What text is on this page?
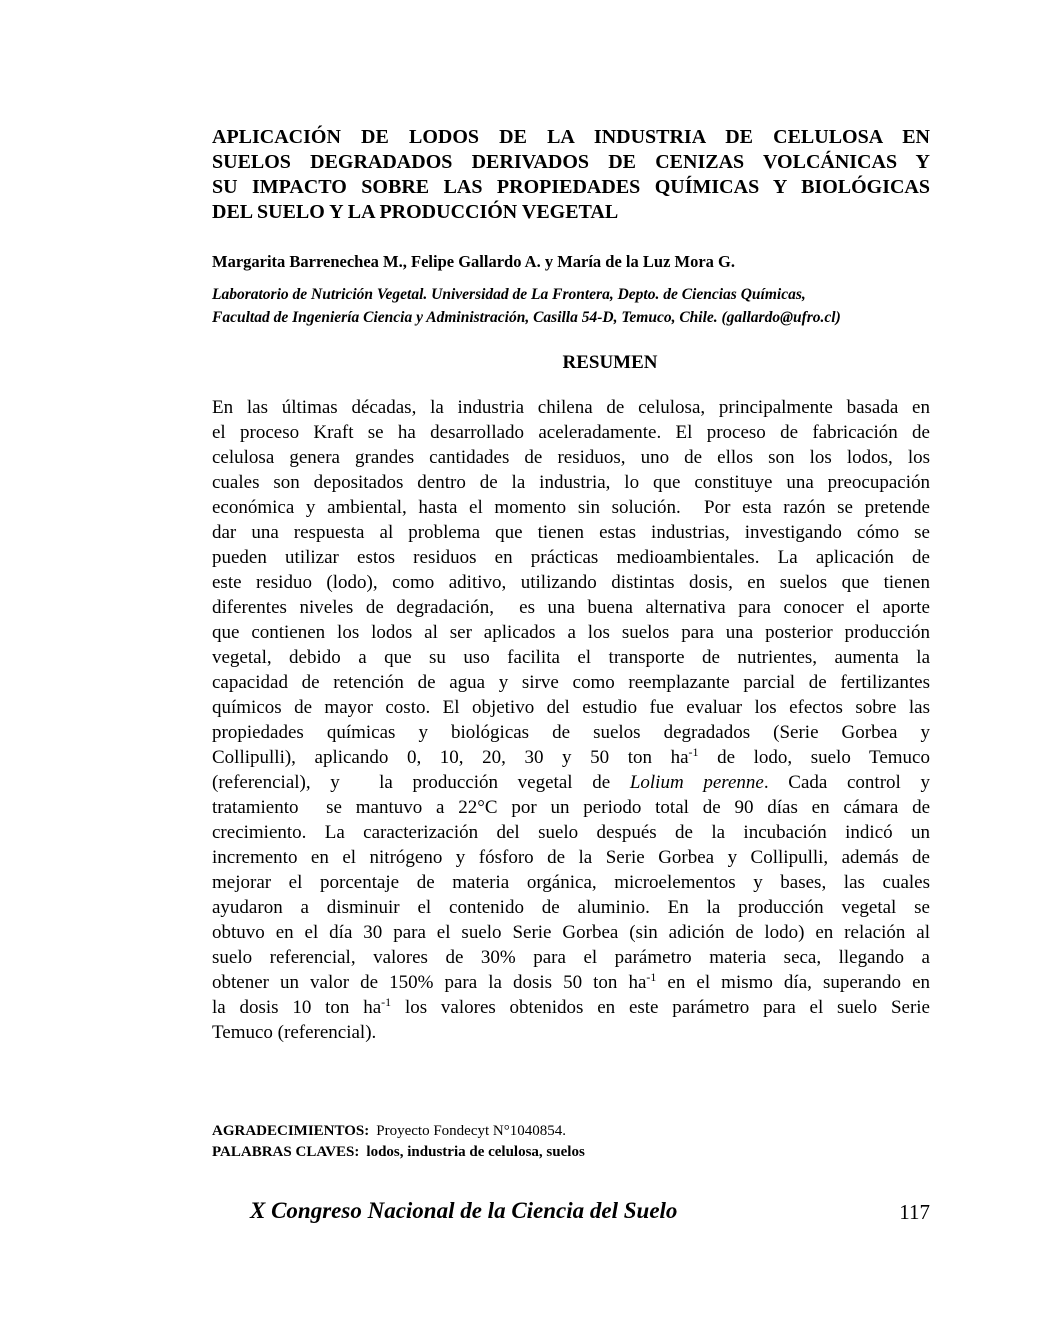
APLICACIÓN DE LODOS DE LA INDUSTRIA DE CELULOSA EN
SUELOS DEGRADADOS DERIVADOS DE CENIZAS VOLCÁNICAS Y
SU IMPACTO SOBRE LAS PROPIEDADES QUÍMICAS Y BIOLÓGICAS
DEL SUELO Y LA PRODUCCIÓN VEGETAL
Margarita Barrenechea M., Felipe Gallardo A. y María de la Luz Mora G.
Laboratorio de Nutrición Vegetal. Universidad de La Frontera, Depto. de Ciencias Químicas,
Facultad de Ingeniería Ciencia y Administración, Casilla 54-D, Temuco, Chile. (gallardo@ufro.cl)
RESUMEN
En las últimas décadas, la industria chilena de celulosa, principalmente basada en
el proceso Kraft se ha desarrollado aceleradamente. El proceso de fabricación de
celulosa genera grandes cantidades de residuos, uno de ellos son los lodos, los
cuales son depositados dentro de la industria, lo que constituye una preocupación
económica y ambiental, hasta el momento sin solución.  Por esta razón se pretende
dar una respuesta al problema que tienen estas industrias, investigando cómo se
pueden utilizar estos residuos en prácticas medioambientales. La aplicación de
este residuo (lodo), como aditivo, utilizando distintas dosis, en suelos que tienen
diferentes niveles de degradación,  es una buena alternativa para conocer el aporte
que contienen los lodos al ser aplicados a los suelos para una posterior producción
vegetal, debido a que su uso facilita el transporte de nutrientes, aumenta la
capacidad de retención de agua y sirve como reemplazante parcial de fertilizantes
químicos de mayor costo. El objetivo del estudio fue evaluar los efectos sobre las
propiedades químicas y biológicas de suelos degradados (Serie Gorbea y
Collipulli), aplicando 0, 10, 20, 30 y 50 ton ha-1 de lodo, suelo Temuco
(referencial), y  la producción vegetal de Lolium perenne. Cada control y
tratamiento  se mantuvo a 22°C por un periodo total de 90 días en cámara de
crecimiento. La caracterización del suelo después de la incubación indicó un
incremento en el nitrógeno y fósforo de la Serie Gorbea y Collipulli, además de
mejorar el porcentaje de materia orgánica, microelementos y bases, las cuales
ayudaron a disminuir el contenido de aluminio. En la producción vegetal se
obtuvo en el día 30 para el suelo Serie Gorbea (sin adición de lodo) en relación al
suelo referencial, valores de 30% para el parámetro materia seca, llegando a
obtener un valor de 150% para la dosis 50 ton ha-1 en el mismo día, superando en
la dosis 10 ton ha-1 los valores obtenidos en este parámetro para el suelo Serie
Temuco (referencial).
AGRADECIMIENTOS: Proyecto Fondecyt N°1040854.
PALABRAS CLAVES: lodos, industria de celulosa, suelos
X Congreso Nacional de la Ciencia del Suelo	117
